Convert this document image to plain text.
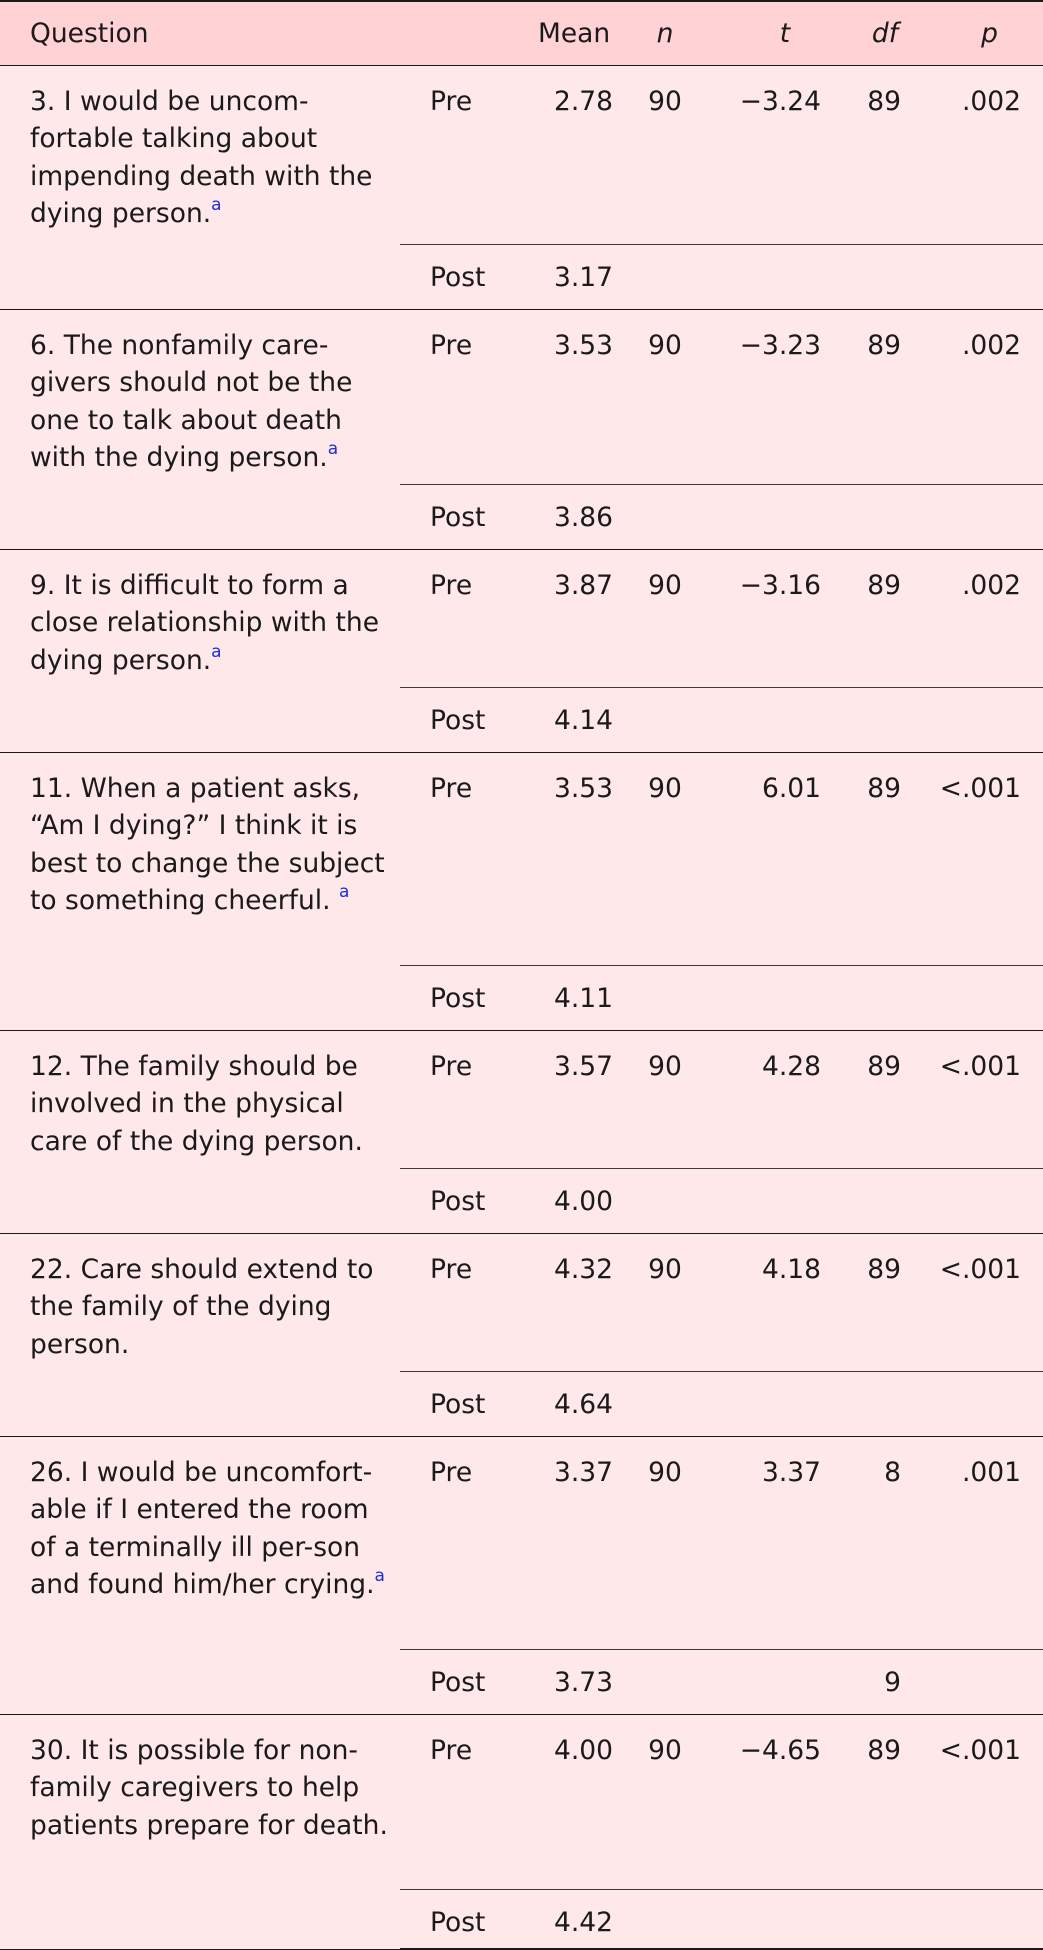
Question		Mean	n	t	df	p
3. I would be uncom-fortable talking about impending death with the dying person.$^a$	Pre	2.78	90	−3.24	89	.002
	Post	3.17				
6. The nonfamily care-givers should not be the one to talk about death with the dying person.$^a$	Pre	3.53	90	−3.23	89	.002
	Post	3.86				
9. It is difficult to form a close relationship with the dying person.$^a$	Pre	3.87	90	−3.16	89	.002
	Post	4.14				
11. When a patient asks, “Am I dying?” I think it is best to change the subject to something cheerful. $^a$	Pre	3.53	90	6.01	89	<.001
	Post	4.11				
12. The family should be involved in the physical care of the dying person.	Pre	3.57	90	4.28	89	<.001
	Post	4.00				
22. Care should extend to the family of the dying person.	Pre	4.32	90	4.18	89	<.001
	Post	4.64				
26. I would be uncomfort-able if I entered the room of a terminally ill per-son and found him/her crying.$^a$	Pre	3.37	90	3.37	8	.001
	Post	3.73			9	
30. It is possible for non-family caregivers to help patients prepare for death.	Pre	4.00	90	−4.65	89	<.001
	Post	4.42				
